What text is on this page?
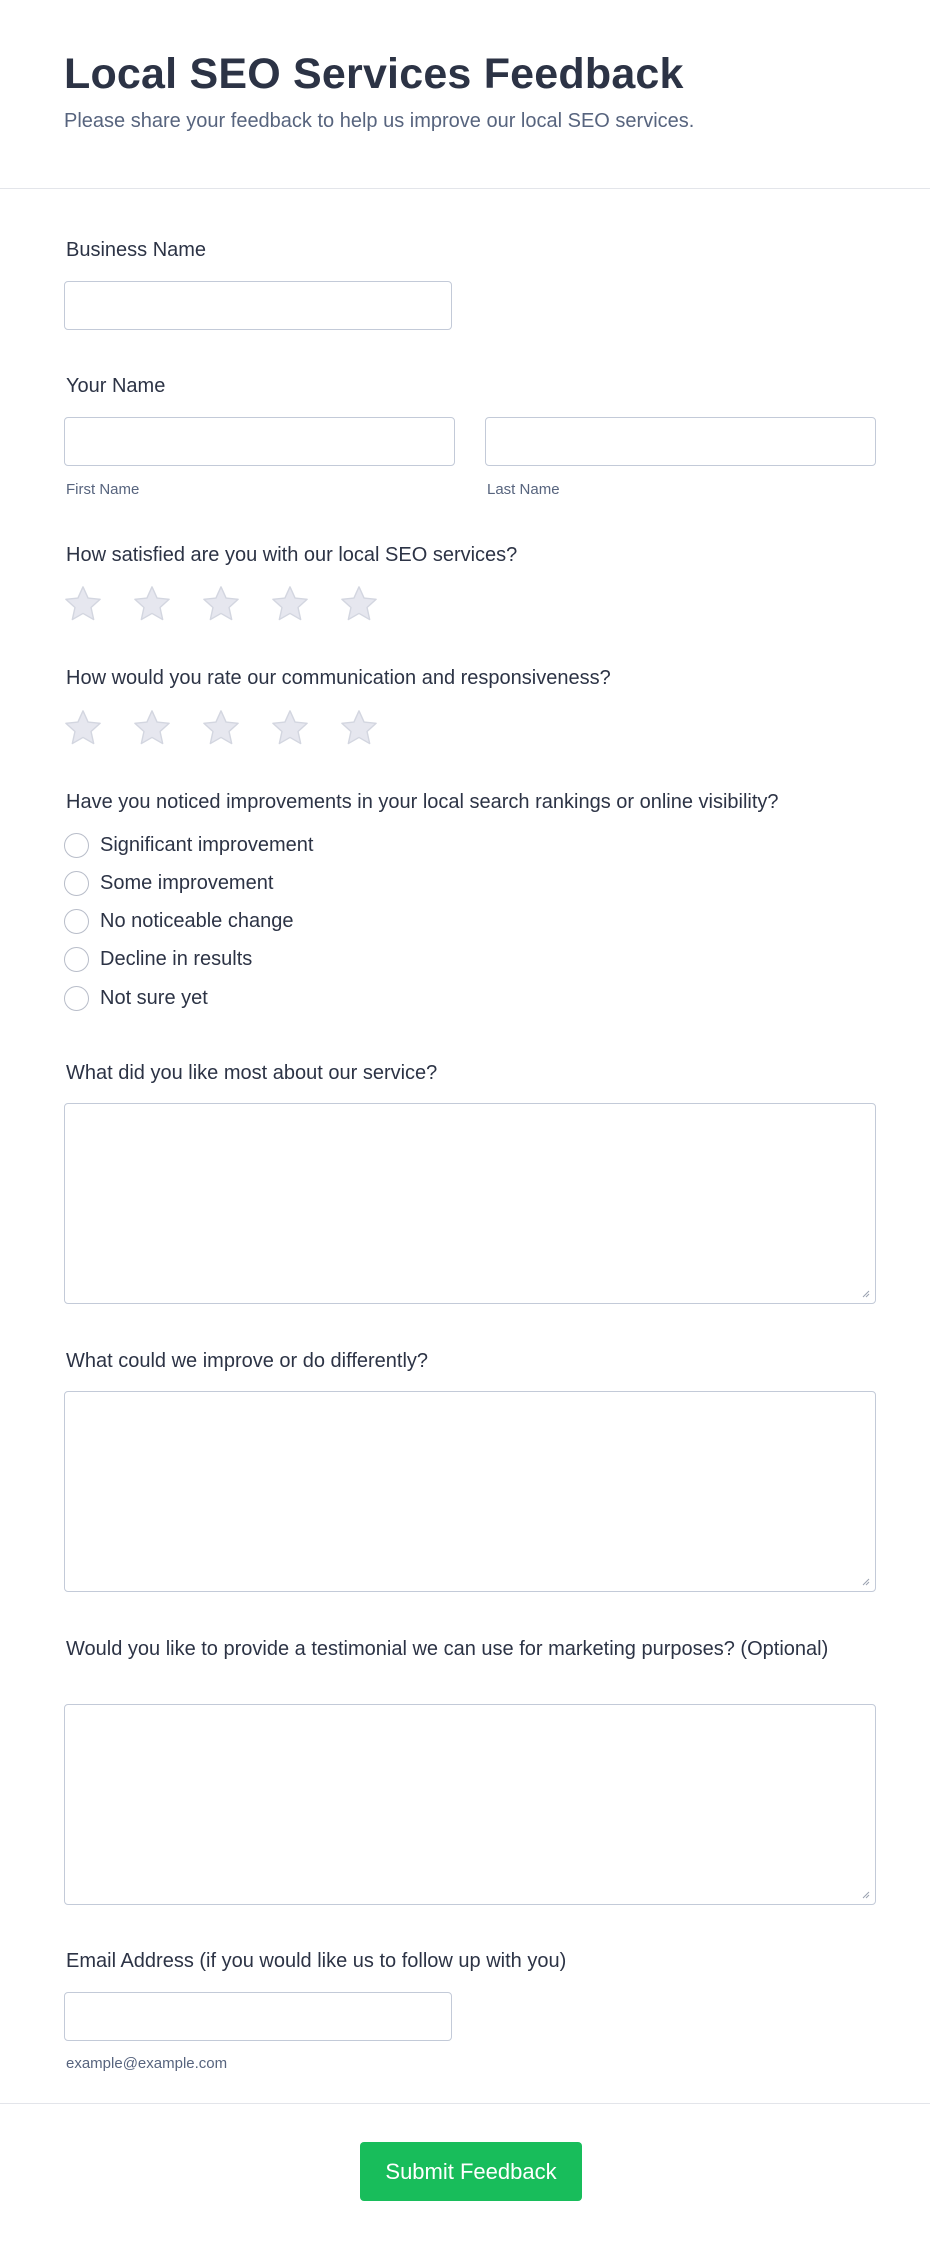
Local SEO Services Feedback

Please share your feedback to help us improve our local SEO services.

Business Name
Your Name
First Name	Last Name
How satisfied are you with our local SEO services?
How would you rate our communication and responsiveness?
Have you noticed improvements in your local search rankings or online visibility?
Significant improvement
Some improvement
No noticeable change
Decline in results
Not sure yet
What did you like most about our service?
What could we improve or do differently?
Would you like to provide a testimonial we can use for marketing purposes? (Optional)
Email Address (if you would like us to follow up with you)
example@example.com
Submit Feedback
